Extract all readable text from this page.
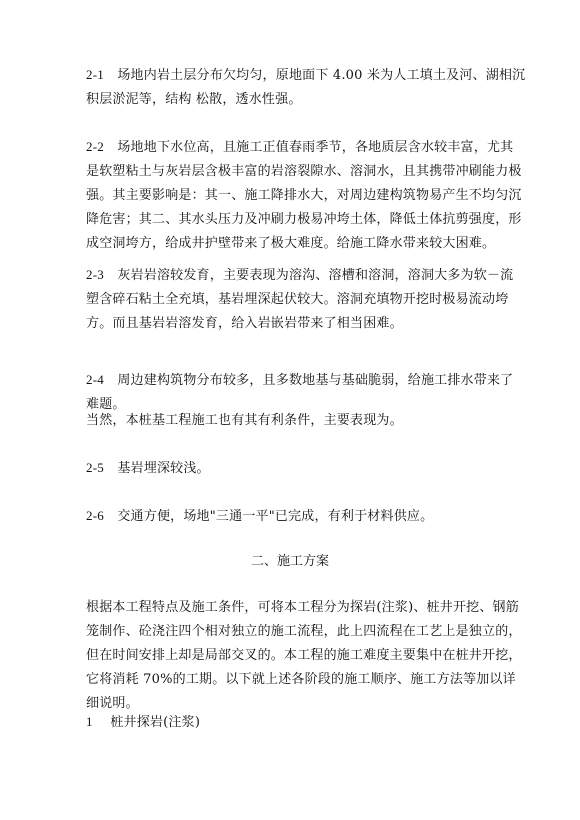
2-1 场地内岩土层分布欠均匀，原地面下 4.00 米为人工填土及河、湖相沉积层淤泥等，结构 松散，透水性强。

2-2 场地地下水位高，且施工正值春雨季节，各地质层含水较丰富，尤其是软塑粘土与灰岩层含极丰富的岩溶裂隙水、溶洞水，且其携带冲刷能力极强。其主要影响是：其一、施工降排水大，对周边建构筑物易产生不均匀沉降危害；其二、其水头压力及冲刷力极易冲垮土体，降低土体抗剪强度，形成空洞垮方，给成井护壁带来了极大难度。给施工降水带来较大困难。

2-3 灰岩岩溶较发育，主要表现为溶沟、溶槽和溶洞，溶洞大多为软－流塑含碎石粘土全充填，基岩埋深起伏较大。溶洞充填物开挖时极易流动垮方。而且基岩岩溶发育，给入岩嵌岩带来了相当困难。

2-4 周边建构筑物分布较多，且多数地基与基础脆弱，给施工排水带来了难题。

当然，本桩基工程施工也有其有利条件，主要表现为。

2-5 基岩埋深较浅。

2-6 交通方便，场地"三通一平"已完成，有利于材料供应。

二、施工方案

根据本工程特点及施工条件，可将本工程分为探岩(注浆)、桩井开挖、钢筋笼制作、砼浇注四个相对独立的施工流程，此上四流程在工艺上是独立的，但在时间安排上却是局部交叉的。本工程的施工难度主要集中在桩井开挖，它将消耗 70%的工期。以下就上述各阶段的施工顺序、施工方法等加以详细说明。

1 桩井探岩(注浆)
